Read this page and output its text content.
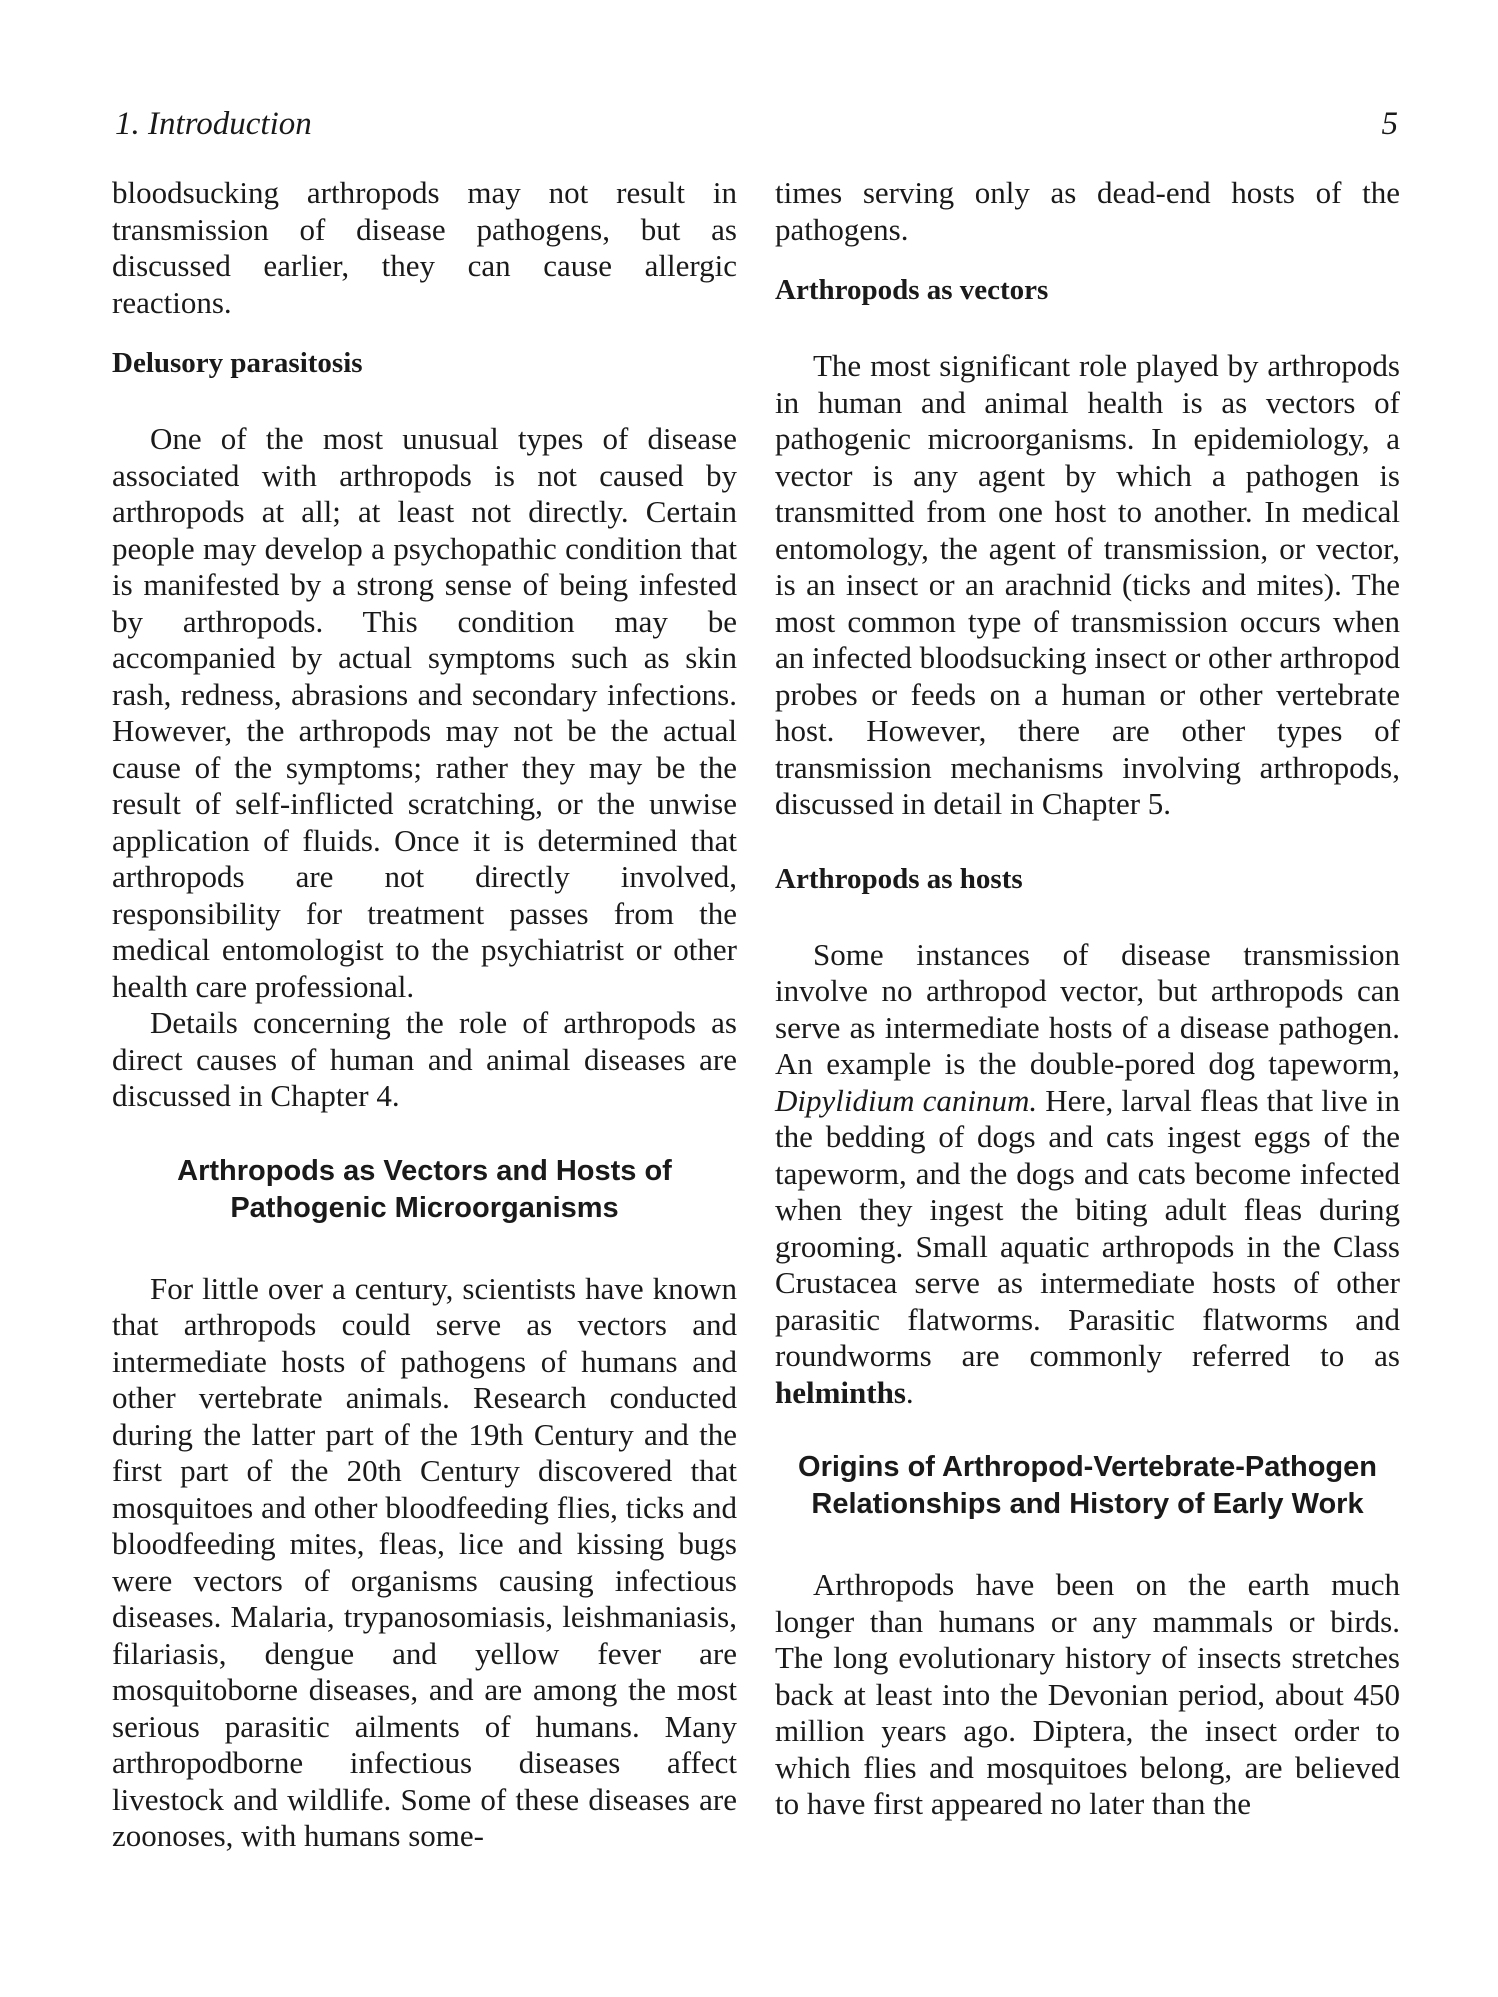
1. Introduction	5

bloodsucking arthropods may not result in transmission of disease pathogens, but as discussed earlier, they can cause allergic reactions.

Delusory parasitosis

One of the most unusual types of disease associated with arthropods is not caused by arthropods at all; at least not directly. Certain people may develop a psychopathic condition that is manifested by a strong sense of being infested by arthropods. This condition may be accompanied by actual symptoms such as skin rash, redness, abrasions and secondary infections. However, the arthropods may not be the actual cause of the symptoms; rather they may be the result of self-inflicted scratching, or the unwise application of fluids. Once it is determined that arthropods are not directly involved, responsibility for treatment passes from the medical entomologist to the psychiatrist or other health care professional.

Details concerning the role of arthropods as direct causes of human and animal diseases are discussed in Chapter 4.

Arthropods as Vectors and Hosts of Pathogenic Microorganisms

For little over a century, scientists have known that arthropods could serve as vectors and intermediate hosts of pathogens of humans and other vertebrate animals. Research conducted during the latter part of the 19th Century and the first part of the 20th Century discovered that mosquitoes and other bloodfeeding flies, ticks and bloodfeeding mites, fleas, lice and kissing bugs were vectors of organisms causing infectious diseases. Malaria, trypanosomiasis, leishmaniasis, filariasis, dengue and yellow fever are mosquitoborne diseases, and are among the most serious parasitic ailments of humans. Many arthropodborne infectious diseases affect livestock and wildlife. Some of these diseases are zoonoses, with humans some-

times serving only as dead-end hosts of the pathogens.

Arthropods as vectors

The most significant role played by arthropods in human and animal health is as vectors of pathogenic microorganisms. In epidemiology, a vector is any agent by which a pathogen is transmitted from one host to another. In medical entomology, the agent of transmission, or vector, is an insect or an arachnid (ticks and mites). The most common type of transmission occurs when an infected bloodsucking insect or other arthropod probes or feeds on a human or other vertebrate host. However, there are other types of transmission mechanisms involving arthropods, discussed in detail in Chapter 5.

Arthropods as hosts

Some instances of disease transmission involve no arthropod vector, but arthropods can serve as intermediate hosts of a disease pathogen. An example is the double-pored dog tapeworm, Dipylidium caninum. Here, larval fleas that live in the bedding of dogs and cats ingest eggs of the tapeworm, and the dogs and cats become infected when they ingest the biting adult fleas during grooming. Small aquatic arthropods in the Class Crustacea serve as intermediate hosts of other parasitic flatworms. Parasitic flatworms and roundworms are commonly referred to as helminths.

Origins of Arthropod-Vertebrate-Pathogen Relationships and History of Early Work

Arthropods have been on the earth much longer than humans or any mammals or birds. The long evolutionary history of insects stretches back at least into the Devonian period, about 450 million years ago. Diptera, the insect order to which flies and mosquitoes belong, are believed to have first appeared no later than the
